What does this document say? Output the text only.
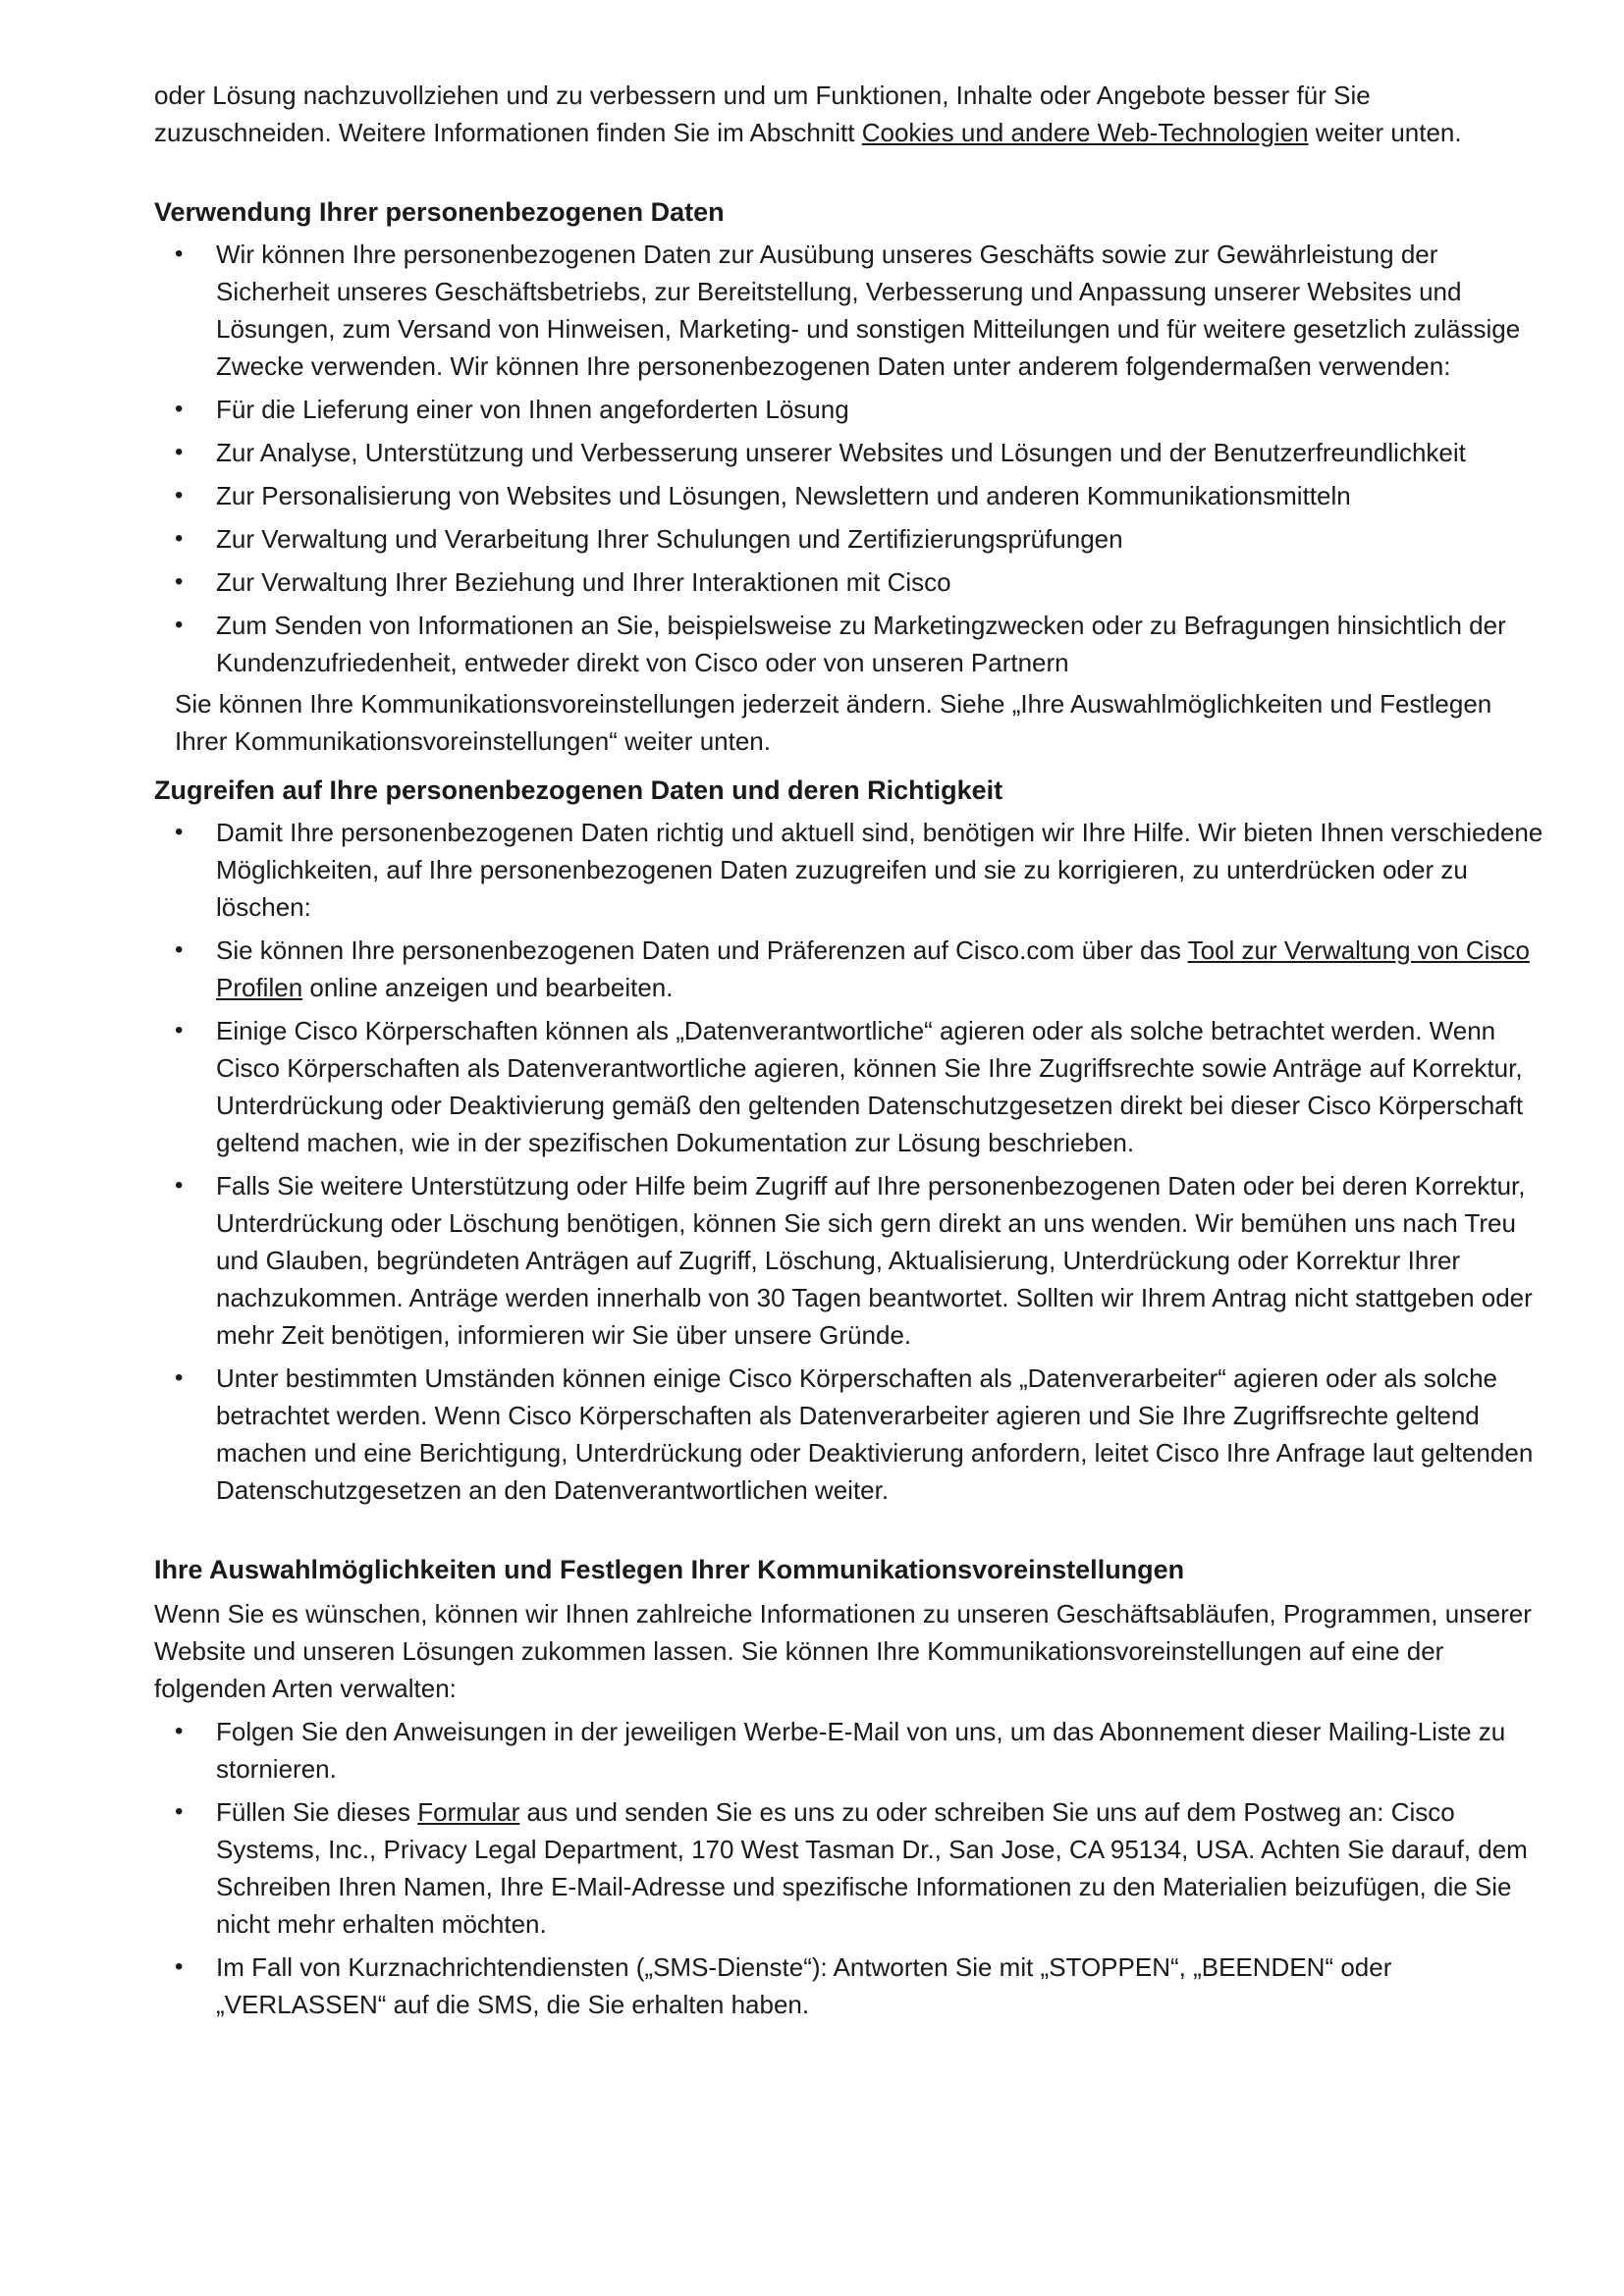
oder Lösung nachzuvollziehen und zu verbessern und um Funktionen, Inhalte oder Angebote besser für Sie zuzuschneiden. Weitere Informationen finden Sie im Abschnitt Cookies und andere Web-Technologien weiter unten.

Verwendung Ihrer personenbezogenen Daten
• Wir können Ihre personenbezogenen Daten zur Ausübung unseres Geschäfts sowie zur Gewährleistung der Sicherheit unseres Geschäftsbetriebs, zur Bereitstellung, Verbesserung und Anpassung unserer Websites und Lösungen, zum Versand von Hinweisen, Marketing- und sonstigen Mitteilungen und für weitere gesetzlich zulässige Zwecke verwenden. Wir können Ihre personenbezogenen Daten unter anderem folgendermaßen verwenden:
• Für die Lieferung einer von Ihnen angeforderten Lösung
• Zur Analyse, Unterstützung und Verbesserung unserer Websites und Lösungen und der Benutzerfreundlichkeit
• Zur Personalisierung von Websites und Lösungen, Newslettern und anderen Kommunikationsmitteln
• Zur Verwaltung und Verarbeitung Ihrer Schulungen und Zertifizierungsprüfungen
• Zur Verwaltung Ihrer Beziehung und Ihrer Interaktionen mit Cisco
• Zum Senden von Informationen an Sie, beispielsweise zu Marketingzwecken oder zu Befragungen hinsichtlich der Kundenzufriedenheit, entweder direkt von Cisco oder von unseren Partnern

Sie können Ihre Kommunikationsvoreinstellungen jederzeit ändern. Siehe „Ihre Auswahlmöglichkeiten und Festlegen Ihrer Kommunikationsvoreinstellungen“ weiter unten.

Zugreifen auf Ihre personenbezogenen Daten und deren Richtigkeit
• Damit Ihre personenbezogenen Daten richtig und aktuell sind, benötigen wir Ihre Hilfe. Wir bieten Ihnen verschiedene Möglichkeiten, auf Ihre personenbezogenen Daten zuzugreifen und sie zu korrigieren, zu unterdrücken oder zu löschen:
• Sie können Ihre personenbezogenen Daten und Präferenzen auf Cisco.com über das Tool zur Verwaltung von Cisco Profilen online anzeigen und bearbeiten.
• Einige Cisco Körperschaften können als „Datenverantwortliche“ agieren oder als solche betrachtet werden. Wenn Cisco Körperschaften als Datenverantwortliche agieren, können Sie Ihre Zugriffsrechte sowie Anträge auf Korrektur, Unterdrückung oder Deaktivierung gemäß den geltenden Datenschutzgesetzen direkt bei dieser Cisco Körperschaft geltend machen, wie in der spezifischen Dokumentation zur Lösung beschrieben.
• Falls Sie weitere Unterstützung oder Hilfe beim Zugriff auf Ihre personenbezogenen Daten oder bei deren Korrektur, Unterdrückung oder Löschung benötigen, können Sie sich gern direkt an uns wenden. Wir bemühen uns nach Treu und Glauben, begründeten Anträgen auf Zugriff, Löschung, Aktualisierung, Unterdrückung oder Korrektur Ihrer nachzukommen. Anträge werden innerhalb von 30 Tagen beantwortet. Sollten wir Ihrem Antrag nicht stattgeben oder mehr Zeit benötigen, informieren wir Sie über unsere Gründe.
• Unter bestimmten Umständen können einige Cisco Körperschaften als „Datenverarbeiter“ agieren oder als solche betrachtet werden. Wenn Cisco Körperschaften als Datenverarbeiter agieren und Sie Ihre Zugriffsrechte geltend machen und eine Berichtigung, Unterdrückung oder Deaktivierung anfordern, leitet Cisco Ihre Anfrage laut geltenden Datenschutzgesetzen an den Datenverantwortlichen weiter.
Ihre Auswahlmöglichkeiten und Festlegen Ihrer Kommunikationsvoreinstellungen

Wenn Sie es wünschen, können wir Ihnen zahlreiche Informationen zu unseren Geschäftsabläufen, Programmen, unserer Website und unseren Lösungen zukommen lassen. Sie können Ihre Kommunikationsvoreinstellungen auf eine der folgenden Arten verwalten:

• Folgen Sie den Anweisungen in der jeweiligen Werbe-E-Mail von uns, um das Abonnement dieser Mailing-Liste zu stornieren.
• Füllen Sie dieses Formular aus und senden Sie es uns zu oder schreiben Sie uns auf dem Postweg an: Cisco Systems, Inc., Privacy Legal Department, 170 West Tasman Dr., San Jose, CA 95134, USA. Achten Sie darauf, dem Schreiben Ihren Namen, Ihre E-Mail-Adresse und spezifische Informationen zu den Materialien beizufügen, die Sie nicht mehr erhalten möchten.
• Im Fall von Kurznachrichtendiensten („SMS-Dienste“): Antworten Sie mit „STOPPEN“, „BEENDEN“ oder „VERLASSEN“ auf die SMS, die Sie erhalten haben.
